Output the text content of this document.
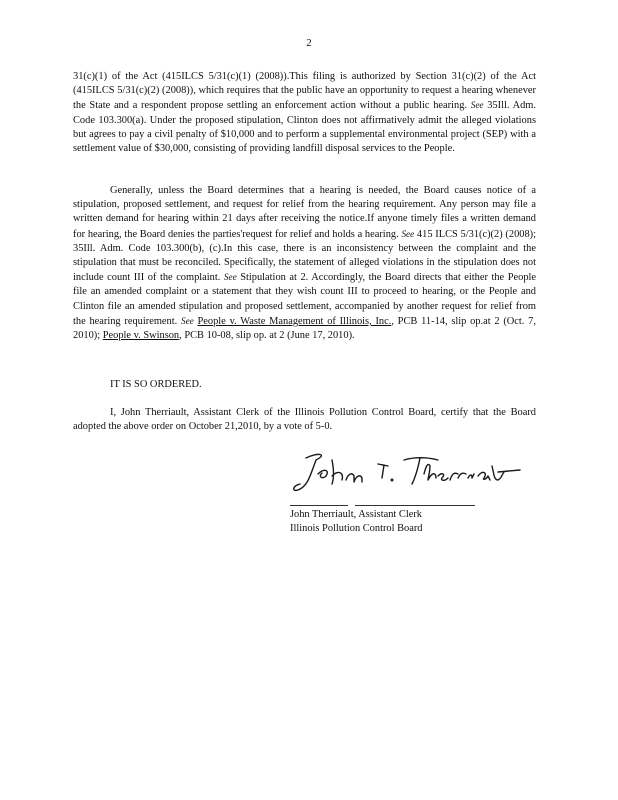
2
31(c)(1) of the Act (415ILCS 5/31(c)(1) (2008)).This filing is authorized by Section 31(c)(2) of the Act (415ILCS 5/31(c)(2) (2008)), which requires that the public have an opportunity to request a hearing whenever the State and a respondent propose settling an enforcement action without a public hearing. See 35Ill. Adm. Code 103.300(a). Under the proposed stipulation, Clinton does not affirmatively admit the alleged violations but agrees to pay a civil penalty of $10,000 and to perform a supplemental environmental project (SEP) with a settlement value of $30,000, consisting of providing landfill disposal services to the People.
Generally, unless the Board determines that a hearing is needed, the Board causes notice of a stipulation, proposed settlement, and request for relief from the hearing requirement. Any person may file a written demand for hearing within 21 days after receiving the notice.If anyone timely files a written demand for hearing, the Board denies the parties'request for relief and holds a hearing. See 415 ILCS 5/31(c)(2) (2008); 35Ill. Adm. Code 103.300(b), (c).In this case, there is an inconsistency between the complaint and the stipulation that must be reconciled. Specifically, the statement of alleged violations in the stipulation does not include count III of the complaint. See Stipulation at 2. Accordingly, the Board directs that either the People file an amended complaint or a statement that they wish count III to proceed to hearing, or the People and Clinton file an amended stipulation and proposed settlement, accompanied by another request for relief from the hearing requirement. See People v. Waste Management of Illinois, Inc., PCB 11-14, slip op.at 2 (Oct. 7, 2010); People v. Swinson, PCB 10-08, slip op. at 2 (June 17, 2010).
IT IS SO ORDERED.
I, John Therriault, Assistant Clerk of the Illinois Pollution Control Board, certify that the Board adopted the above order on October 21,2010, by a vote of 5-0.
John Therriault, Assistant Clerk
Illinois Pollution Control Board
